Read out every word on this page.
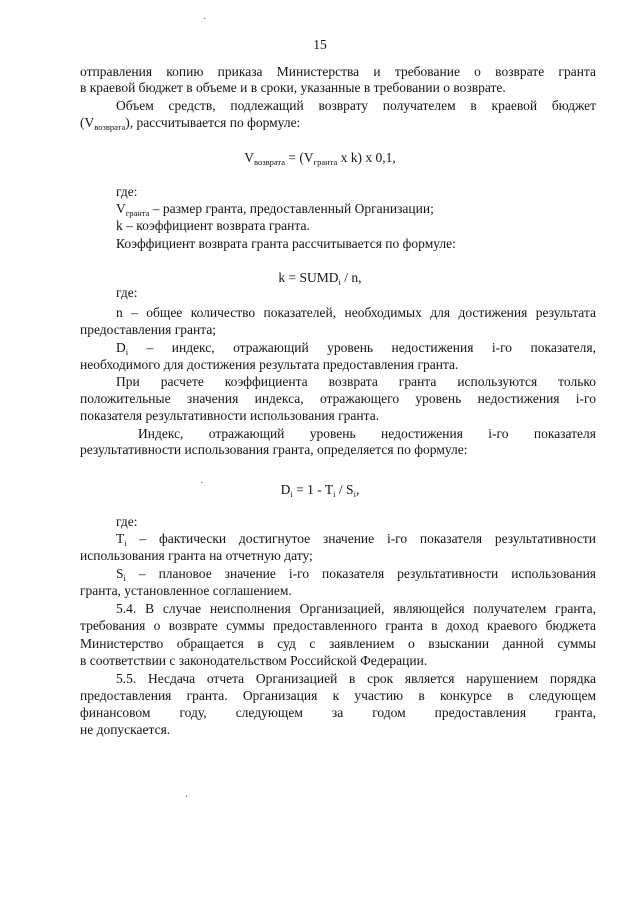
·
·
·
15
отправления копию приказа Министерства и требование о возврате гранта
в краевой бюджет в объеме и в сроки, указанные в требовании о возврате.
Объем средств, подлежащий возврату получателем в краевой бюджет
$(V_{возврата})$, рассчитывается по формуле:
$V_{возврата} = (V_{гранта}$ x k) x 0,1,
где:
$V_{гранта}$ – размер гранта, предоставленный Организации;
k – коэффициент возврата гранта.
Коэффициент возврата гранта рассчитывается по формуле:
$k = SUMD_i / n$,
где:
n – общее количество показателей, необходимых для достижения результата
предоставления гранта;
$D_i$ – индекс, отражающий уровень недостижения i-го показателя,
необходимого для достижения результата предоставления гранта.
При расчете коэффициента возврата гранта используются только
положительные значения индекса, отражающего уровень недостижения i-го
показателя результативности использования гранта.
Индекс, отражающий уровень недостижения i-го показателя
результативности использования гранта, определяется по формуле:
$D_i = 1 - T_i / S_i$,
где:
$T_i$ – фактически достигнутое значение i-го показателя результативности
использования гранта на отчетную дату;
$S_i$ – плановое значение i-го показателя результативности использования
гранта, установленное соглашением.
5.4. В случае неисполнения Организацией, являющейся получателем гранта,
требования о возврате суммы предоставленного гранта в доход краевого бюджета
Министерство обращается в суд с заявлением о взыскании данной суммы
в соответствии с законодательством Российской Федерации.
5.5. Несдача отчета Организацией в срок является нарушением порядка
предоставления гранта. Организация к участию в конкурсе в следующем
финансовом году, следующем за годом предоставления гранта,
не допускается.
